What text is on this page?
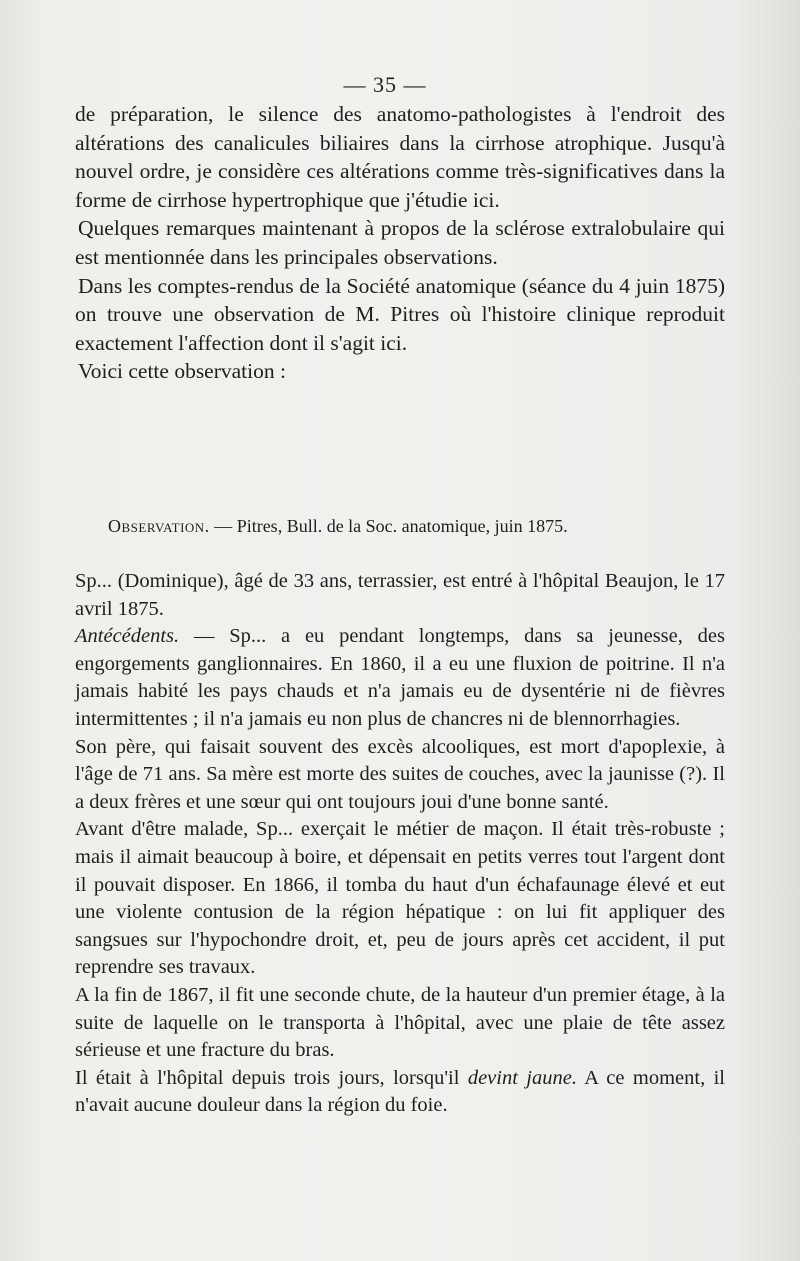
— 35 —

de préparation, le silence des anatomo-pathologistes à l'endroit des altérations des canalicules biliaires dans la cirrhose atrophique. Jusqu'à nouvel ordre, je considère ces altérations comme très-significatives dans la forme de cirrhose hypertrophique que j'étudie ici.

Quelques remarques maintenant à propos de la sclérose extralobulaire qui est mentionnée dans les principales observations.

Dans les comptes-rendus de la Société anatomique (séance du 4 juin 1875) on trouve une observation de M. Pitres où l'histoire clinique reproduit exactement l'affection dont il s'agit ici.

Voici cette observation :

Observation. — Pitres, Bull. de la Soc. anatomique, juin 1875.

Sp... (Dominique), âgé de 33 ans, terrassier, est entré à l'hôpital Beaujon, le 17 avril 1875.

Antécédents. — Sp... a eu pendant longtemps, dans sa jeunesse, des engorgements ganglionnaires. En 1860, il a eu une fluxion de poitrine. Il n'a jamais habité les pays chauds et n'a jamais eu de dysentérie ni de fièvres intermittentes ; il n'a jamais eu non plus de chancres ni de blennorrhagies.

Son père, qui faisait souvent des excès alcooliques, est mort d'apoplexie, à l'âge de 71 ans. Sa mère est morte des suites de couches, avec la jaunisse (?). Il a deux frères et une sœur qui ont toujours joui d'une bonne santé.

Avant d'être malade, Sp... exerçait le métier de maçon. Il était très-robuste ; mais il aimait beaucoup à boire, et dépensait en petits verres tout l'argent dont il pouvait disposer. En 1866, il tomba du haut d'un échafaunage élevé et eut une violente contusion de la région hépatique : on lui fit appliquer des sangsues sur l'hypochondre droit, et, peu de jours après cet accident, il put reprendre ses travaux.

A la fin de 1867, il fit une seconde chute, de la hauteur d'un premier étage, à la suite de laquelle on le transporta à l'hôpital, avec une plaie de tête assez sérieuse et une fracture du bras.

Il était à l'hôpital depuis trois jours, lorsqu'il devint jaune. A ce moment, il n'avait aucune douleur dans la région du foie.
